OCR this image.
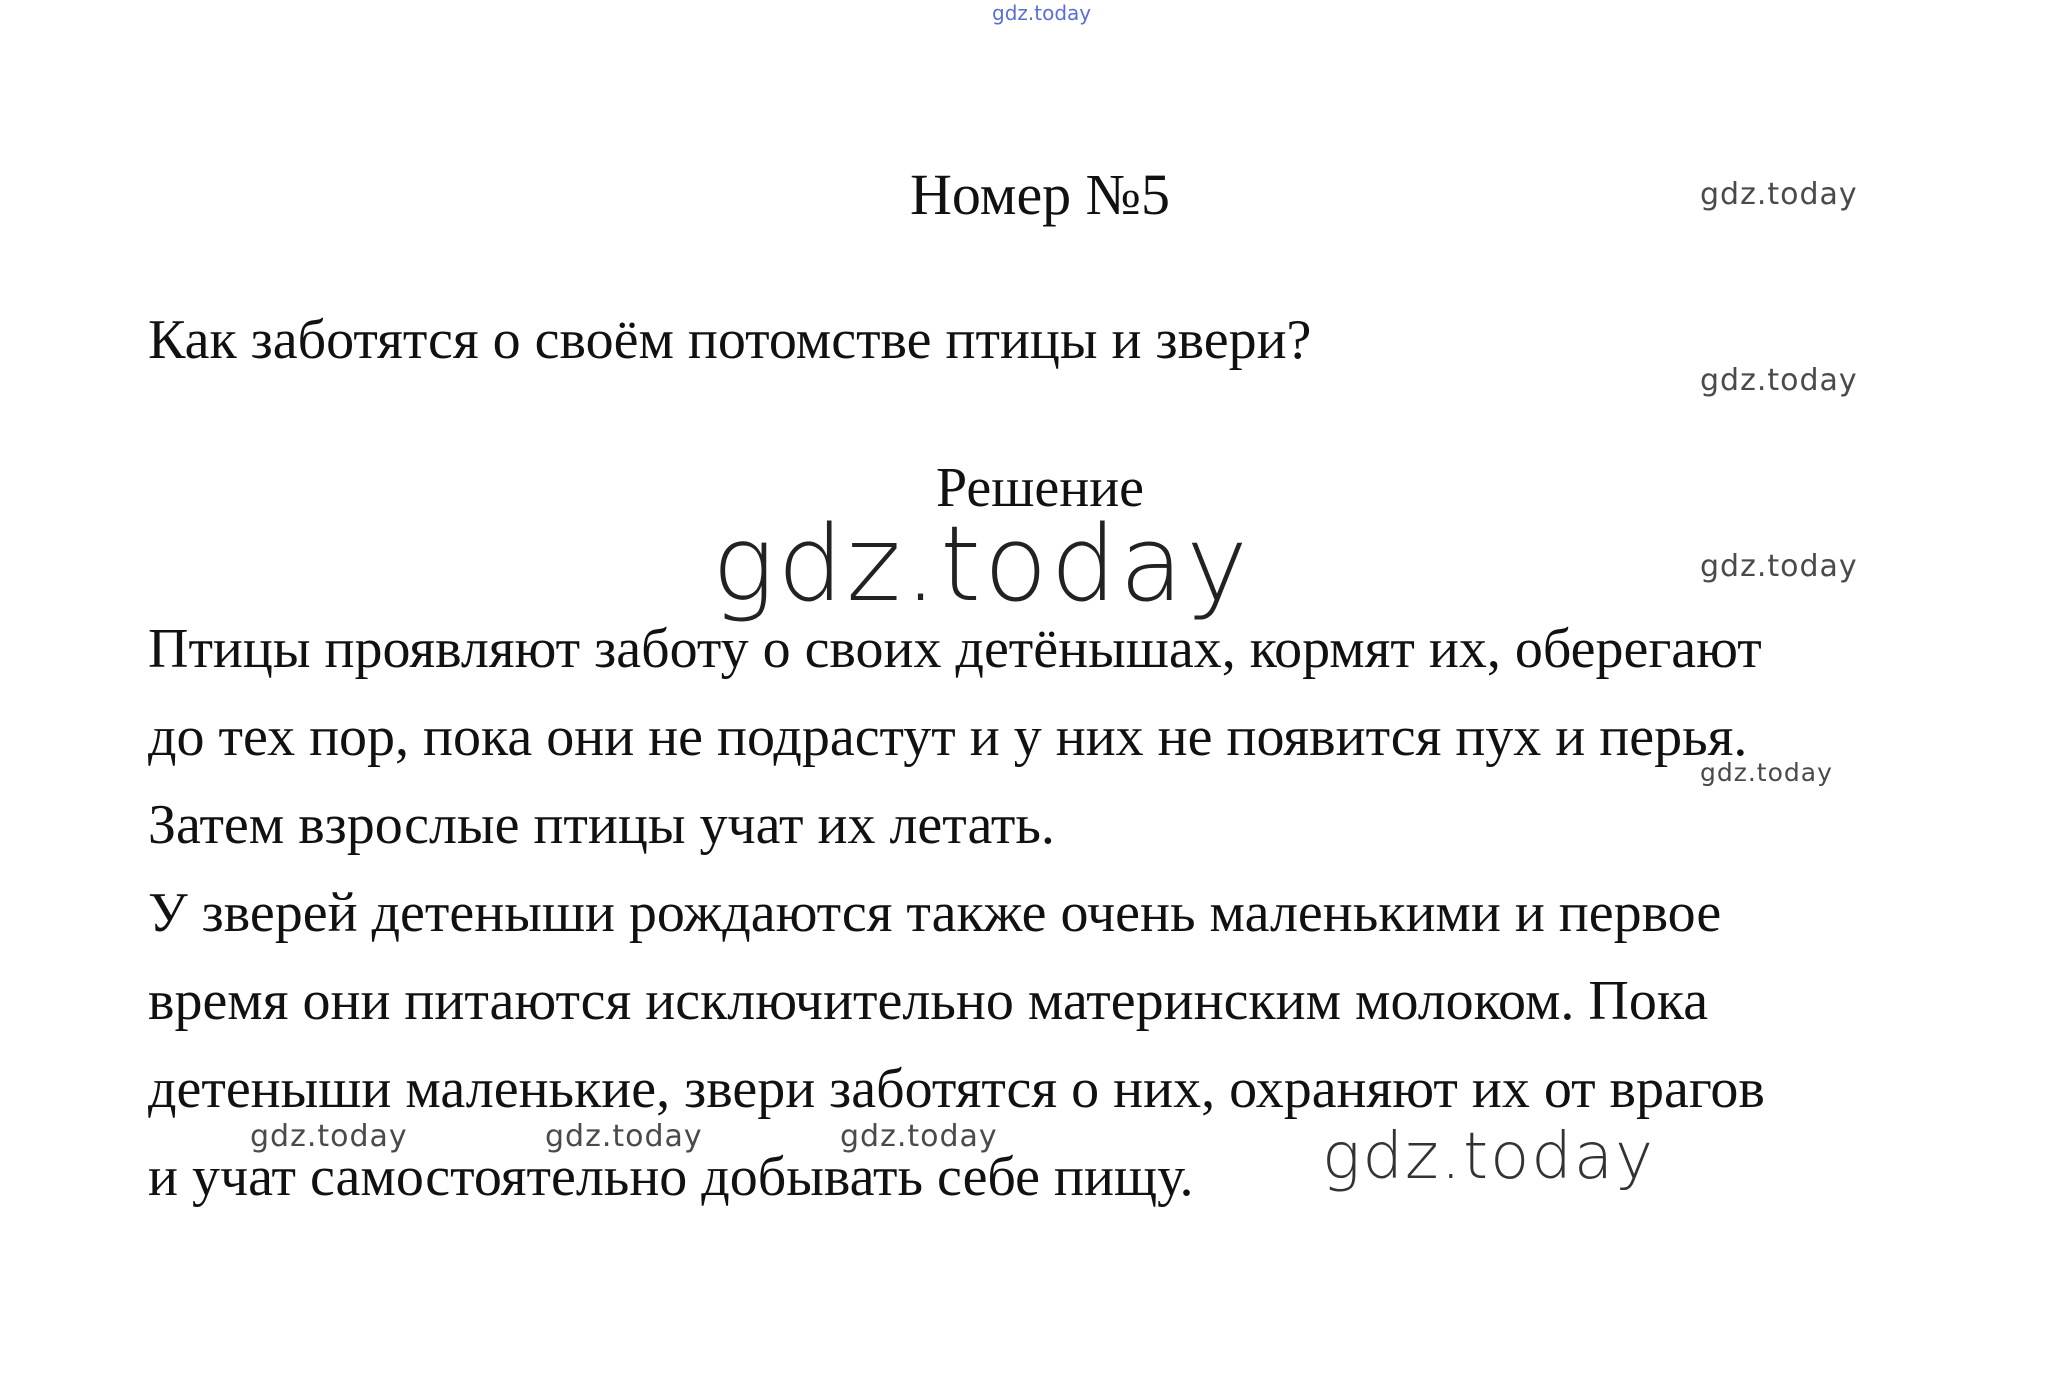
gdz.today
Номер №5	gdz.today
Как заботятся о своём потомстве птицы и звери?
gdz.today
Решение
gdz.today	gdz.today
Птицы проявляют заботу о своих детёнышах, кормят их, оберегают
до тех пор, пока они не подрастут и у них не появится пух и перья.
Затем взрослые птицы учат их летать.
У зверей детеныши рождаются также очень маленькими и первое
время они питаются исключительно материнским молоком. Пока
детеныши маленькие, звери заботятся о них, охраняют их от врагов
и учат самостоятельно добывать себе пищу.
gdz.today
gdz.today	gdz.today	gdz.today	gdz.today
